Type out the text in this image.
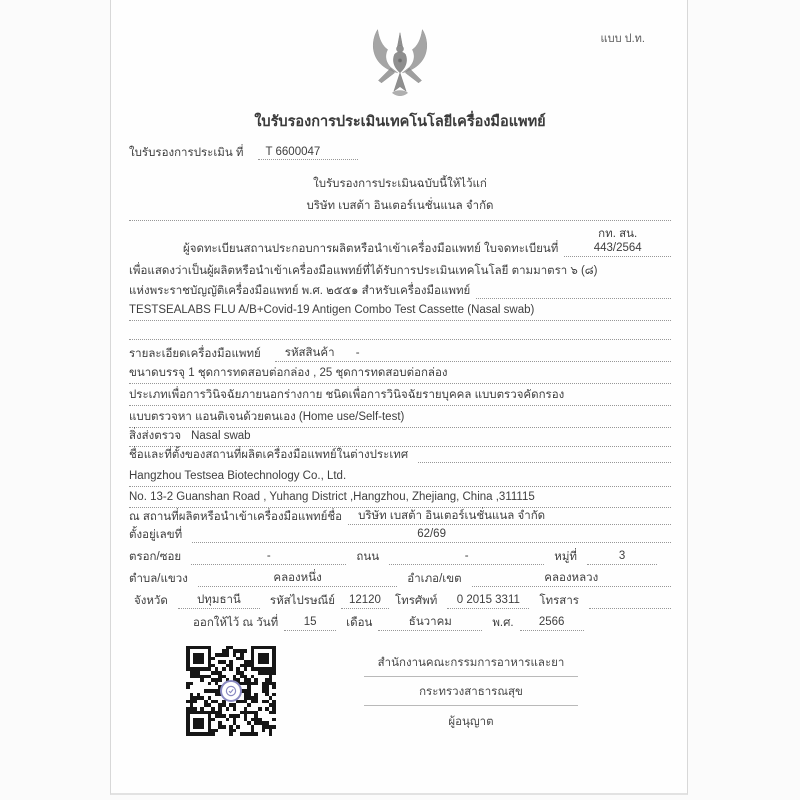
แบบ ป.ท.
ใบรับรองการประเมินเทคโนโลยีเครื่องมือแพทย์
ใบรับรองการประเมิน ที่	T 6600047
ใบรับรองการประเมินฉบับนี้ให้ไว้แก่
บริษัท เบสต้า อินเตอร์เนชั่นแนล จำกัด
ผู้จดทะเบียนสถานประกอบการผลิตหรือนำเข้าเครื่องมือแพทย์ ใบจดทะเบียนที่
กท. สน. 443/2564
เพื่อแสดงว่าเป็นผู้ผลิตหรือนำเข้าเครื่องมือแพทย์ที่ได้รับการประเมินเทคโนโลยี ตามมาตรา ๖ (๘)
แห่งพระราชบัญญัติเครื่องมือแพทย์ พ.ศ. ๒๕๕๑ สำหรับเครื่องมือแพทย์
TESTSEALABS FLU A/B+Covid-19 Antigen Combo Test Cassette (Nasal swab)
รายละเอียดเครื่องมือแพทย์	รหัสสินค้า -
ขนาดบรรจุ 1 ชุดการทดสอบต่อกล่อง , 25 ชุดการทดสอบต่อกล่อง
ประเภทเพื่อการวินิจฉัยภายนอกร่างกาย ชนิดเพื่อการวินิจฉัยรายบุคคล แบบตรวจคัดกรอง
แบบตรวจหา แอนติเจนด้วยตนเอง (Home use/Self-test)
สิ่งส่งตรวจ Nasal swab
ชื่อและที่ตั้งของสถานที่ผลิตเครื่องมือแพทย์ในต่างประเทศ
Hangzhou Testsea Biotechnology Co., Ltd.
No. 13-2 Guanshan Road , Yuhang District ,Hangzhou, Zhejiang, China ,311115
ณ สถานที่ผลิตหรือนำเข้าเครื่องมือแพทย์ชื่อ	บริษัท เบสต้า อินเตอร์เนชั่นแนล จำกัด
ตั้งอยู่เลขที่	62/69
ตรอก/ซอย	-	ถนน	-	หมู่ที่	3
ตำบล/แขวง	คลองหนึ่ง	อำเภอ/เขต	คลองหลวง
จังหวัด	ปทุมธานี	รหัสไปรษณีย์	12120	โทรศัพท์	0 2015 3311	โทรสาร
ออกให้ไว้ ณ วันที่	15	เดือน	ธันวาคม	พ.ศ.	2566
สำนักงานคณะกรรมการอาหารและยา
กระทรวงสาธารณสุข
ผู้อนุญาต
